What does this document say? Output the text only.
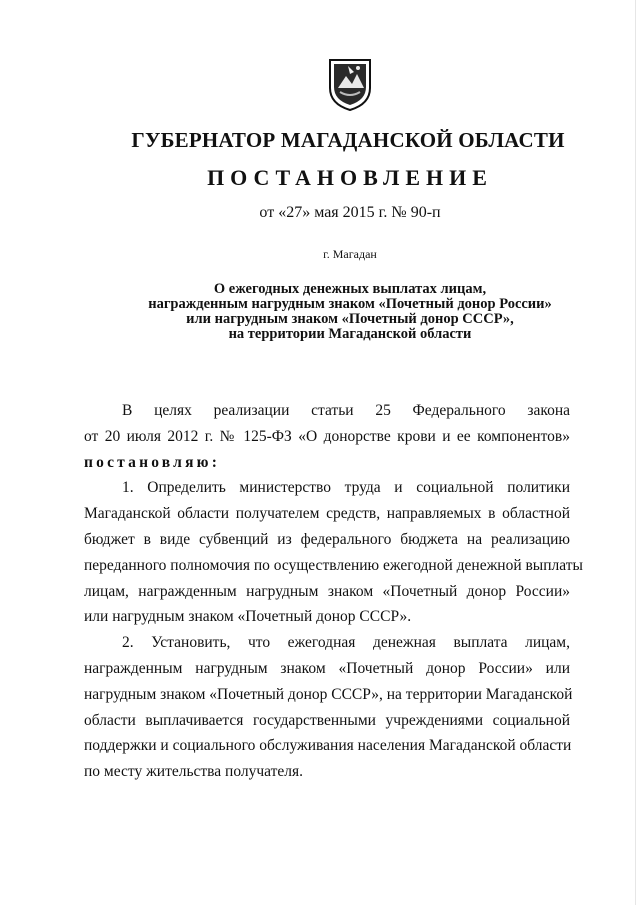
ГУБЕРНАТОР МАГАДАНСКОЙ ОБЛАСТИ
ПОСТАНОВЛЕНИЕ
от «27» мая 2015 г. № 90-п
г. Магадан
О ежегодных денежных выплатах лицам,
награжденным нагрудным знаком «Почетный донор России»
или нагрудным знаком «Почетный донор СССР»,
на территории Магаданской области
В целях реализации статьи 25 Федерального закона
от 20 июля 2012 г. № 125-ФЗ «О донорстве крови и ее компонентов»
постановляю:
1. Определить министерство труда и социальной политики
Магаданской области получателем средств, направляемых в областной
бюджет в виде субвенций из федерального бюджета на реализацию
переданного полномочия по осуществлению ежегодной денежной выплаты
лицам, награжденным нагрудным знаком «Почетный донор России»
или нагрудным знаком «Почетный донор СССР».
2. Установить, что ежегодная денежная выплата лицам,
награжденным нагрудным знаком «Почетный донор России» или
нагрудным знаком «Почетный донор СССР», на территории Магаданской
области выплачивается государственными учреждениями социальной
поддержки и социального обслуживания населения Магаданской области
по месту жительства получателя.
